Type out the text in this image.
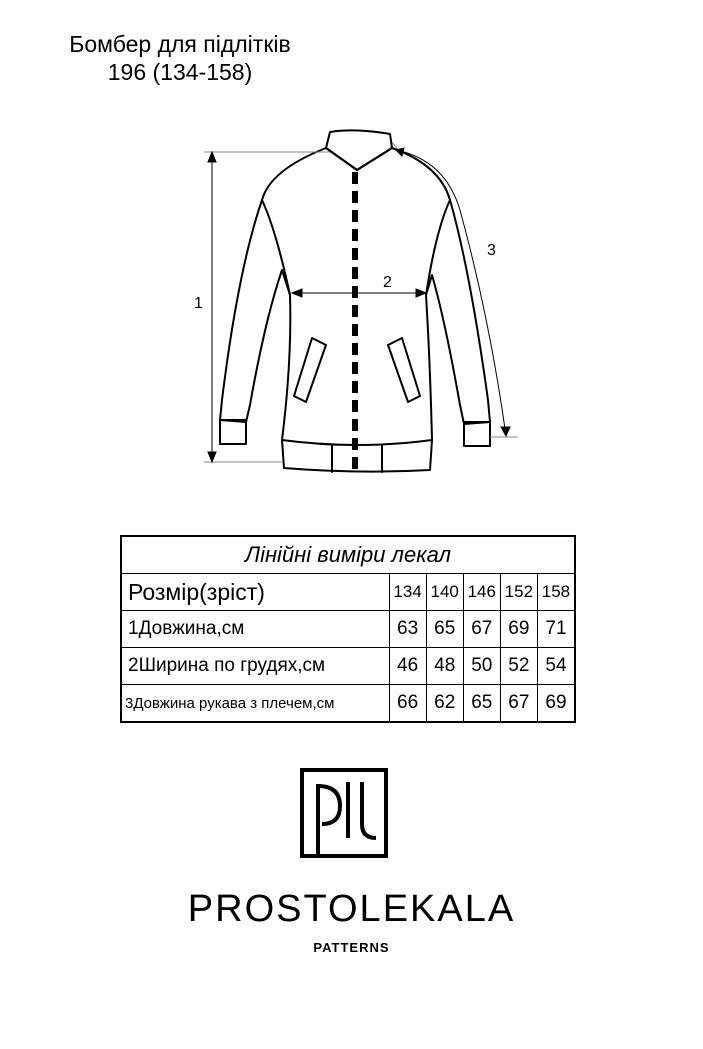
Бомбер для підлітків
196 (134-158)
1
2
3
Лінійні виміри лекал					
Розмір(зріст)	134	140	146	152	158
1Довжина,см	63	65	67	69	71
2Ширина по грудях,см	46	48	50	52	54
3Довжина рукава з плечем,см	66	62	65	67	69
PROSTOLEKALA
PATTERNS
